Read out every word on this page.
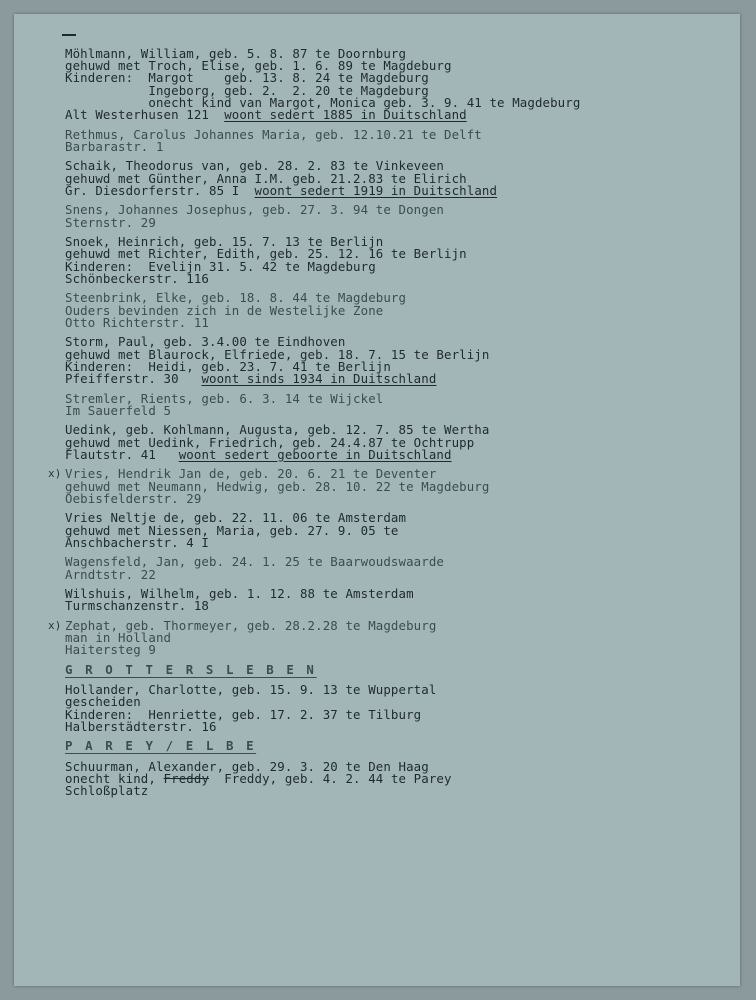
Möhlmann, William, geb. 5. 8. 87 te Doornburg
gehuwd met Troch, Elise, geb. 1. 6. 89 te Magdeburg
Kinderen:  Margot    geb. 13. 8. 24 te Magdeburg
Ingeborg, geb. 2.  2. 20 te Magdeburg
onecht kind van Margot, Monica geb. 3. 9. 41 te Magdeburg
Alt Westerhusen 121  woont sedert 1885 in Duitschland
Rethmus, Carolus Johannes Maria, geb. 12.10.21 te Delft
Barbarastr. 1
Schaik, Theodorus van, geb. 28. 2. 83 te Vinkeveen
gehuwd met Günther, Anna I.M. geb. 21.2.83 te Elirich
Gr. Diesdorferstr. 85 I  woont sedert 1919 in Duitschland
Snens, Johannes Josephus, geb. 27. 3. 94 te Dongen
Sternstr. 29
Snoek, Heinrich, geb. 15. 7. 13 te Berlijn
gehuwd met Richter, Edith, geb. 25. 12. 16 te Berlijn
Kinderen:  Evelijn 31. 5. 42 te Magdeburg
Schönbeckerstr. 116
Steenbrink, Elke, geb. 18. 8. 44 te Magdeburg
Ouders bevinden zich in de Westelijke Zone
Otto Richterstr. 11
Storm, Paul, geb. 3.4.00 te Eindhoven
gehuwd met Blaurock, Elfriede, geb. 18. 7. 15 te Berlijn
Kinderen:  Heidi, geb. 23. 7. 41 te Berlijn
Pfeifferstr. 30   woont sinds 1934 in Duitschland
Stremler, Rients, geb. 6. 3. 14 te Wijckel
Im Sauerfeld 5
Uedink, geb. Kohlmann, Augusta, geb. 12. 7. 85 te Wertha
gehuwd met Uedink, Friedrich, geb. 24.4.87 te Ochtrupp
Flautstr. 41   woont sedert geboorte in Duitschland
x) Vries, Hendrik Jan de, geb. 20. 6. 21 te Deventer
gehuwd met Neumann, Hedwig, geb. 28. 10. 22 te Magdeburg
Oebisfelderstr. 29
Vries Neltje de, geb. 22. 11. 06 te Amsterdam
gehuwd met Niessen, Maria, geb. 27. 9. 05 te
Anschbacherstr. 4 I
Wagensfeld, Jan, geb. 24. 1. 25 te Baarwoudswaarde
Arndtstr. 22
Wilshuis, Wilhelm, geb. 1. 12. 88 te Amsterdam
Turmschanzenstr. 18
x) Zephat, geb. Thormeyer, geb. 28.2.28 te Magdeburg
man in Holland
Haitersteg 9
G R O T T E R S L E B E N
Hollander, Charlotte, geb. 15. 9. 13 te Wuppertal
gescheiden
Kinderen:  Henriette, geb. 17. 2. 37 te Tilburg
Halberstädterstr. 16
P A R E Y / E L B E
Schuurman, Alexander, geb. 29. 3. 20 te Den Haag
onecht kind, Freddy  Freddy, geb. 4. 2. 44 te Parey
Schloßplatz
